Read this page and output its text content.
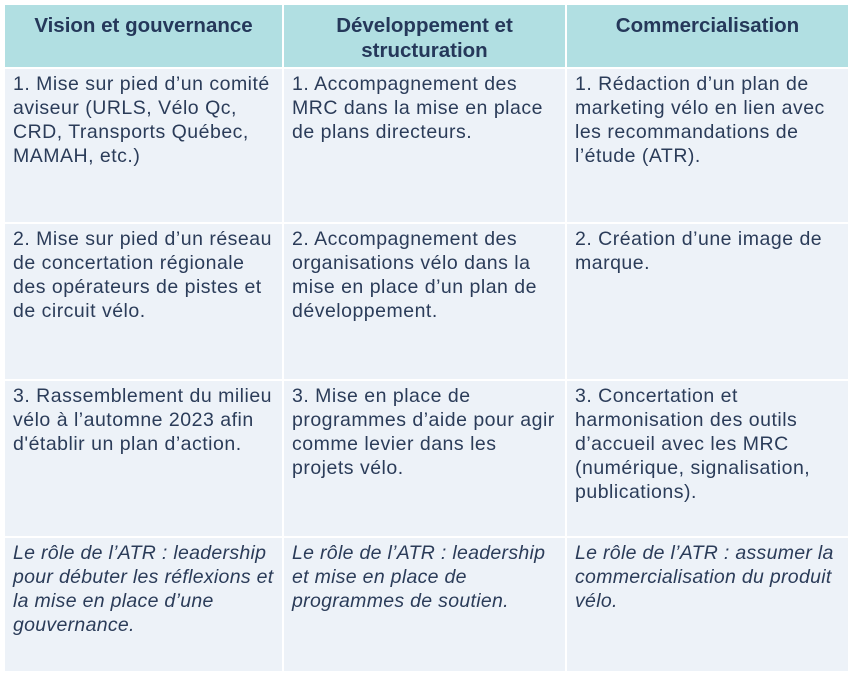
Vision et gouvernance	Développement et structuration	Commercialisation
1. Mise sur pied d’un comité aviseur (URLS, Vélo Qc, CRD, Transports Québec, MAMAH, etc.)	1. Accompagnement des MRC dans la mise en place de plans directeurs.	1. Rédaction d’un plan de marketing vélo en lien avec les recommandations de l’étude (ATR).
2. Mise sur pied d’un réseau de concertation régionale des opérateurs de pistes et de circuit vélo.	2. Accompagnement des organisations vélo dans la mise en place d’un plan de développement.	2. Création d’une image de marque.
3. Rassemblement du milieu vélo à l’automne 2023 afin d'établir un plan d’action.	3. Mise en place de programmes d’aide pour agir comme levier dans les projets vélo.	3. Concertation et harmonisation des outils d’accueil avec les MRC (numérique, signalisation, publications).
Le rôle de l’ATR : leadership pour débuter les réflexions et la mise en place d’une gouvernance.	Le rôle de l’ATR : leadership et mise en place de programmes de soutien.	Le rôle de l’ATR : assumer la commercialisation du produit vélo.
